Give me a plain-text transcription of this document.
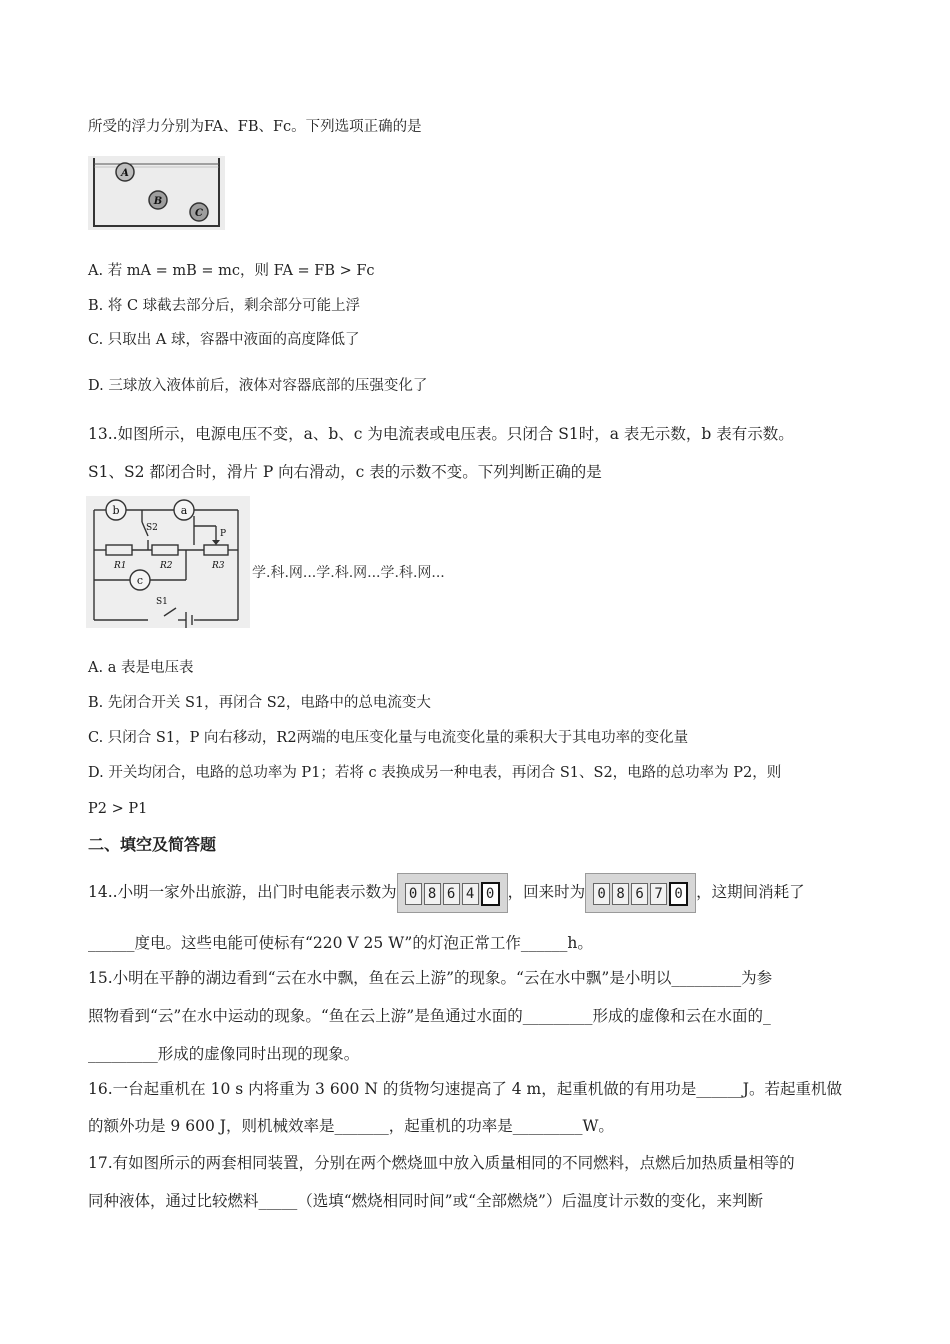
所受的浮力分别为FA、FB、Fc。下列选项正确的是
A
B
C
A. 若 mA = mB = mc，则 FA = FB > Fc
B. 将 C 球截去部分后，剩余部分可能上浮
C. 只取出 A 球，容器中液面的高度降低了
D. 三球放入液体前后，液体对容器底部的压强变化了
13..如图所示，电源电压不变，a、b、c 为电流表或电压表。只闭合 S1时，a 表无示数，b 表有示数。
S1、S2 都闭合时，滑片 P 向右滑动，c 表的示数不变。下列判断正确的是
b	a
c
S2
P
R1	R2	R3
S1
学.科.网...学.科.网...学.科.网...
A. a 表是电压表
B. 先闭合开关 S1，再闭合 S2，电路中的总电流变大
C. 只闭合 S1，P 向右移动，R2两端的电压变化量与电流变化量的乘积大于其电功率的变化量
D. 开关均闭合，电路的总功率为 P1；若将 c 表换成另一种电表，再闭合 S1、S2，电路的总功率为 P2，则
P2 > P1
二、填空及简答题
14..小明一家外出旅游，出门时电能表示数为 0 8 6 4 0 ，回来时为 0 8 6 7 0 ，这期间消耗了
______度电。这些电能可使标有“220 V 25 W”的灯泡正常工作______h。
15.小明在平静的湖边看到“云在水中飘，鱼在云上游”的现象。“云在水中飘”是小明以_________为参
照物看到“云”在水中运动的现象。“鱼在云上游”是鱼通过水面的_________形成的虚像和云在水面的_
_________形成的虚像同时出现的现象。
16.一台起重机在 10 s 内将重为 3 600 N 的货物匀速提高了 4 m，起重机做的有用功是______J。若起重机做
的额外功是 9 600 J，则机械效率是_______，起重机的功率是_________W。
17.有如图所示的两套相同装置，分别在两个燃烧皿中放入质量相同的不同燃料，点燃后加热质量相等的
同种液体，通过比较燃料_____（选填“燃烧相同时间”或“全部燃烧”）后温度计示数的变化，来判断
